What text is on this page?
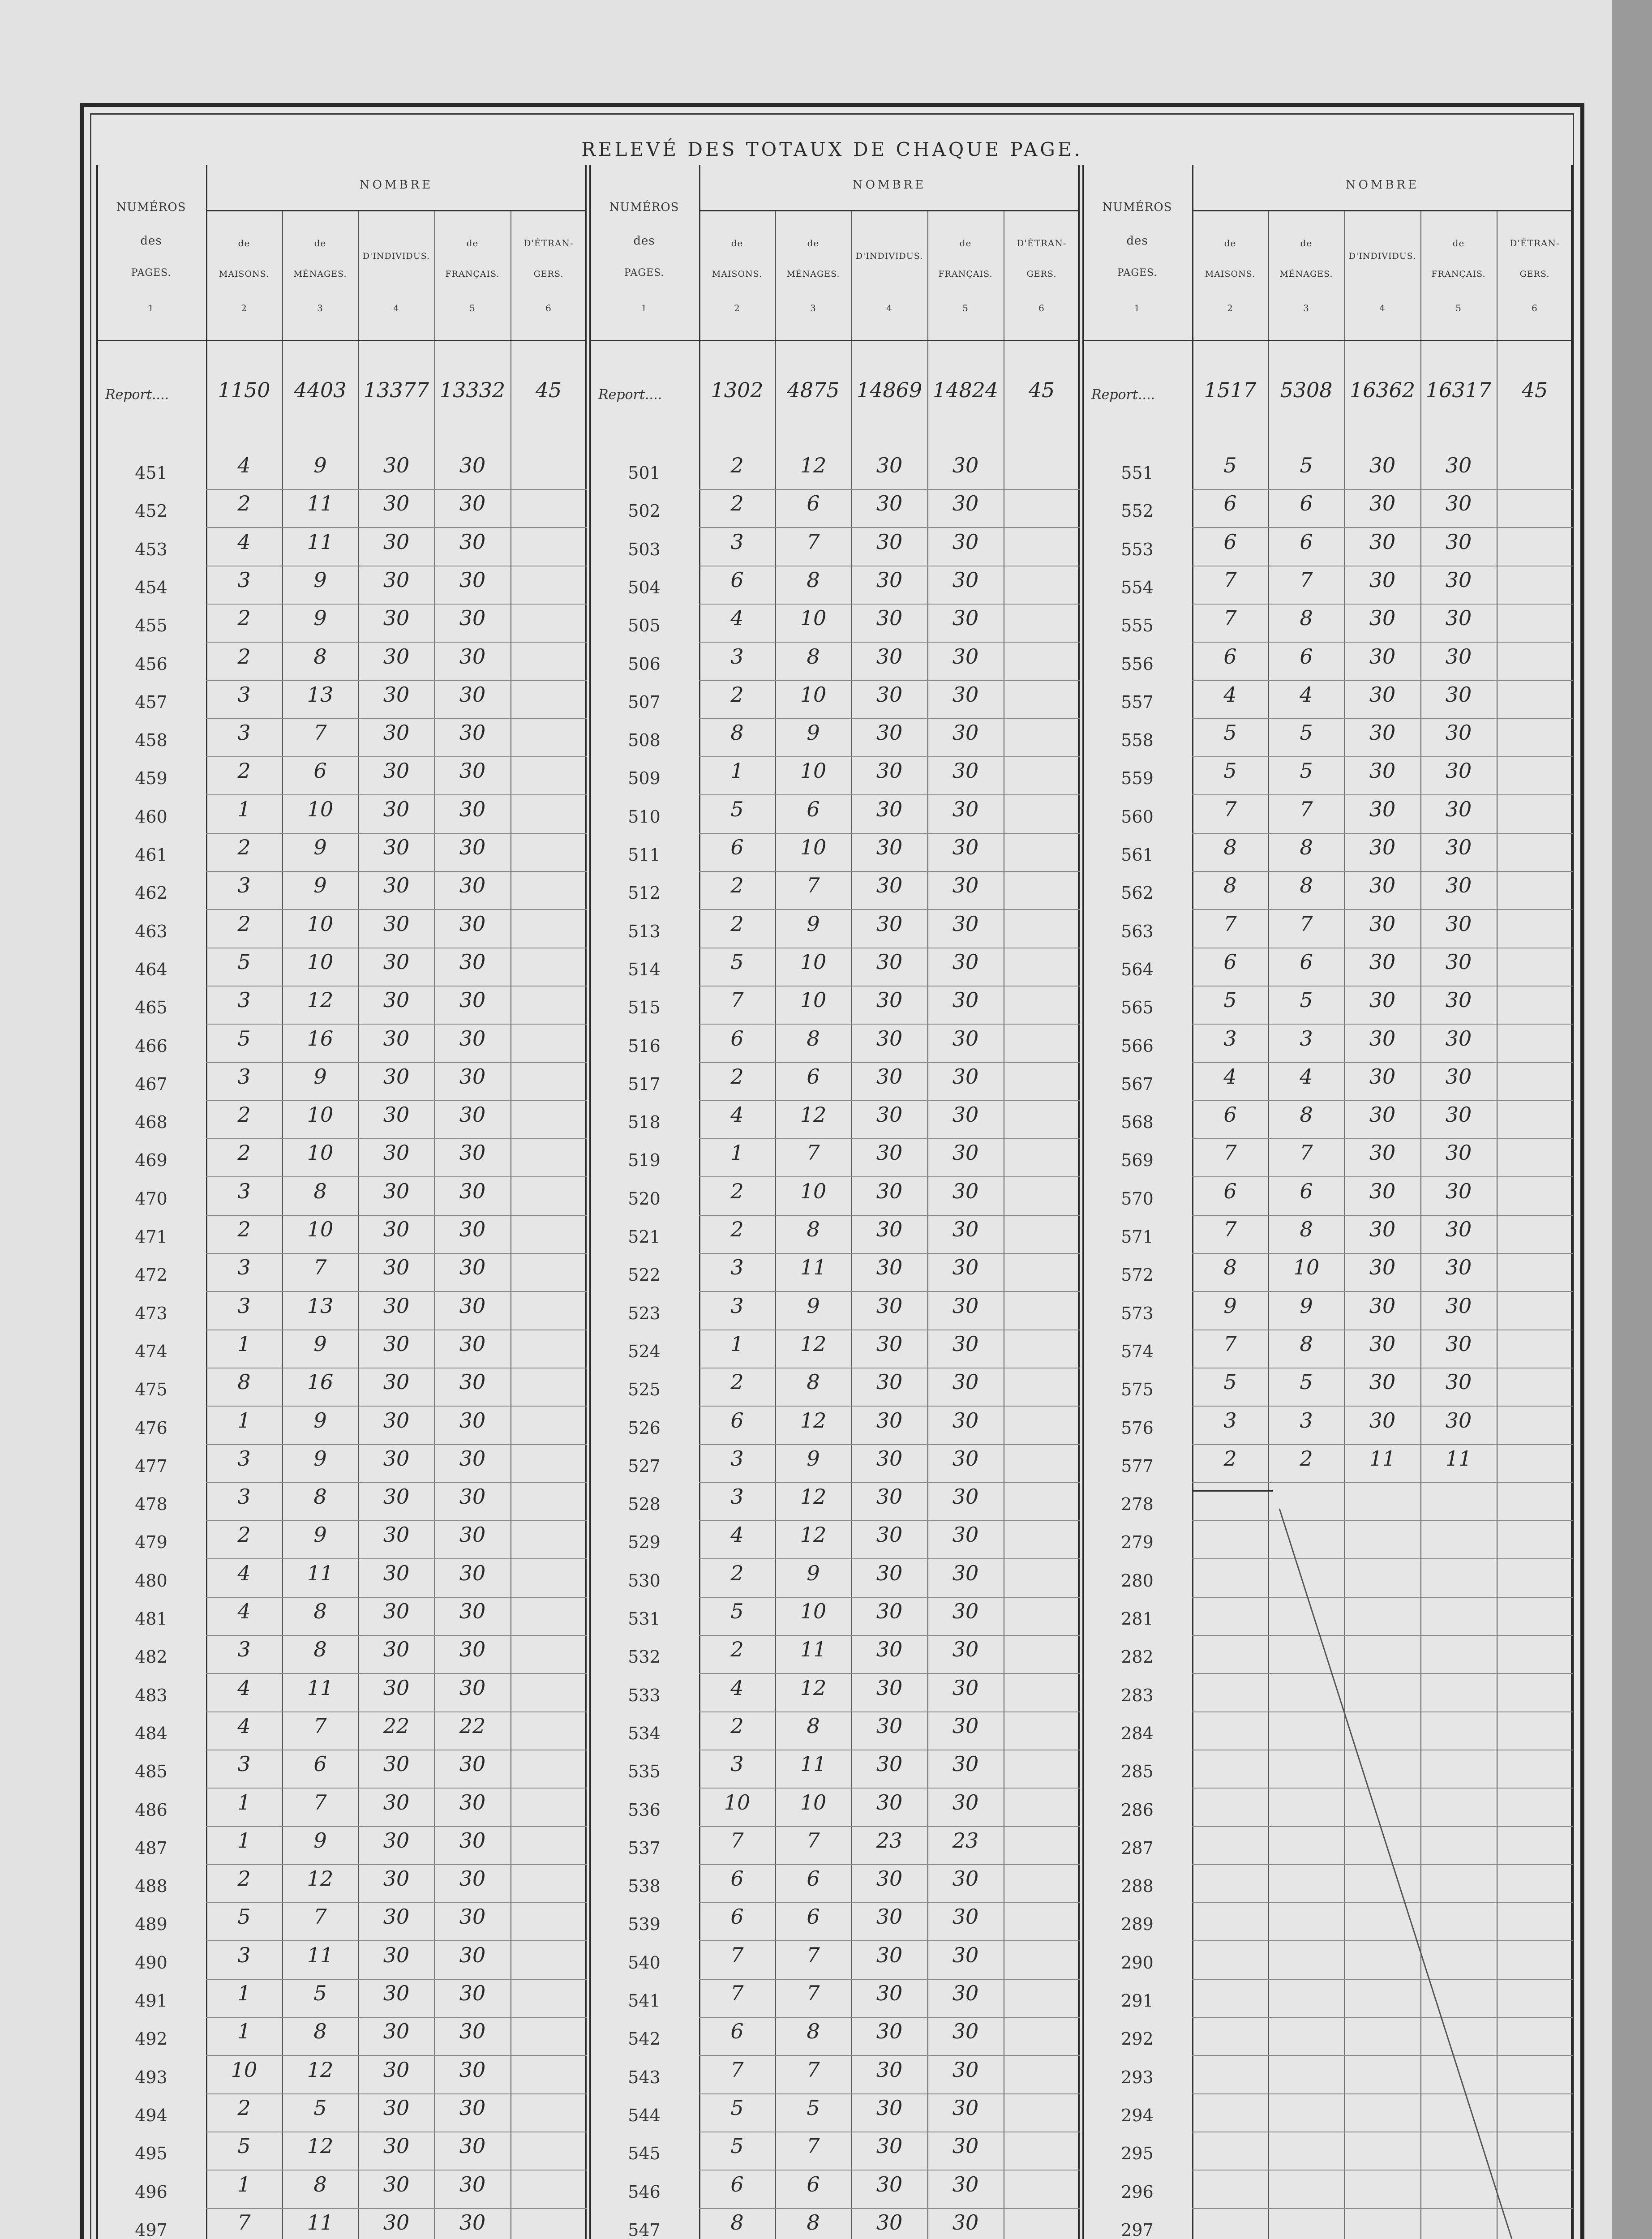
RELEVÉ DES TOTAUX DE CHAQUE PAGE.
NUMÉROS
des
PAGES.
NOMBRE
de
MAISONS.
de
MÉNAGES.
D'INDIVIDUS.
de
FRANÇAIS.
D'ÉTRAN-
GERS.
1	2	3	4	5	6
Report....	1150	4403 13377 13332	45
451	4	9	30	30
452	2	11	30	30
453	4	11	30	30
454	3	9	30	30
455	2	9	30	30
456	2	8	30	30
457	3	13	30	30
458	3	7	30	30
459	2	6	30	30
460	1	10	30	30
461	2	9	30	30
462	3	9	30	30
463	2	10	30	30
464	5	10	30	30
465	3	12	30	30
466	5	16	30	30
467	3	9	30	30
468	2	10	30	30
469	2	10	30	30
470	3	8	30	30
471	2	10	30	30
472	3	7	30	30
473	3	13	30	30
474	1	9	30	30
475	8	16	30	30
476	1	9	30	30
477	3	9	30	30
478	3	8	30	30
479	2	9	30	30
480	4	11	30	30
481	4	8	30	30
482	3	8	30	30
483	4	11	30	30
484	4	7	22	22
485	3	6	30	30
486	1	7	30	30
487	1	9	30	30
488	2	12	30	30
489	5	7	30	30
490	3	11	30	30
491	1	5	30	30
492	1	8	30	30
493	10	12	30	30
494	2	5	30	30
495	5	12	30	30
496	1	8	30	30
497	7	11	30	30
NUMÉROS
des
PAGES.
NOMBRE
de
MAISONS.
de
MÉNAGES.
D'INDIVIDUS.
de
FRANÇAIS.
D'ÉTRAN-
GERS.
1	2	3	4	5	6
Report....	1302	4875 14869 14824	45
501	2	12	30	30
502	2	6	30	30
503	3	7	30	30
504	6	8	30	30
505	4	10	30	30
506	3	8	30	30
507	2	10	30	30
508	8	9	30	30
509	1	10	30	30
510	5	6	30	30
511	6	10	30	30
512	2	7	30	30
513	2	9	30	30
514	5	10	30	30
515	7	10	30	30
516	6	8	30	30
517	2	6	30	30
518	4	12	30	30
519	1	7	30	30
520	2	10	30	30
521	2	8	30	30
522	3	11	30	30
523	3	9	30	30
524	1	12	30	30
525	2	8	30	30
526	6	12	30	30
527	3	9	30	30
528	3	12	30	30
529	4	12	30	30
530	2	9	30	30
531	5	10	30	30
532	2	11	30	30
533	4	12	30	30
534	2	8	30	30
535	3	11	30	30
536	10	10	30	30
537	7	7	23	23
538	6	6	30	30
539	6	6	30	30
540	7	7	30	30
541	7	7	30	30
542	6	8	30	30
543	7	7	30	30
544	5	5	30	30
545	5	7	30	30
546	6	6	30	30
547	8	8	30	30
NUMÉROS
des
PAGES.
NOMBRE
de
MAISONS.
de
MÉNAGES.
D'INDIVIDUS.
de
FRANÇAIS.
D'ÉTRAN-
GERS.
1	2	3	4	5	6
Report....	1517	5308 16362 16317	45
551	5	5	30	30
552	6	6	30	30
553	6	6	30	30
554	7	7	30	30
555	7	8	30	30
556	6	6	30	30
557	4	4	30	30
558	5	5	30	30
559	5	5	30	30
560	7	7	30	30
561	8	8	30	30
562	8	8	30	30
563	7	7	30	30
564	6	6	30	30
565	5	5	30	30
566	3	3	30	30
567	4	4	30	30
568	6	8	30	30
569	7	7	30	30
570	6	6	30	30
571	7	8	30	30
572	8	10	30	30
573	9	9	30	30
574	7	8	30	30
575	5	5	30	30
576	3	3	30	30
577	2	2	11	11
278
279
280
281
282
283
284
285
286
287
288
289
290
291
292
293
294
295
296
297
